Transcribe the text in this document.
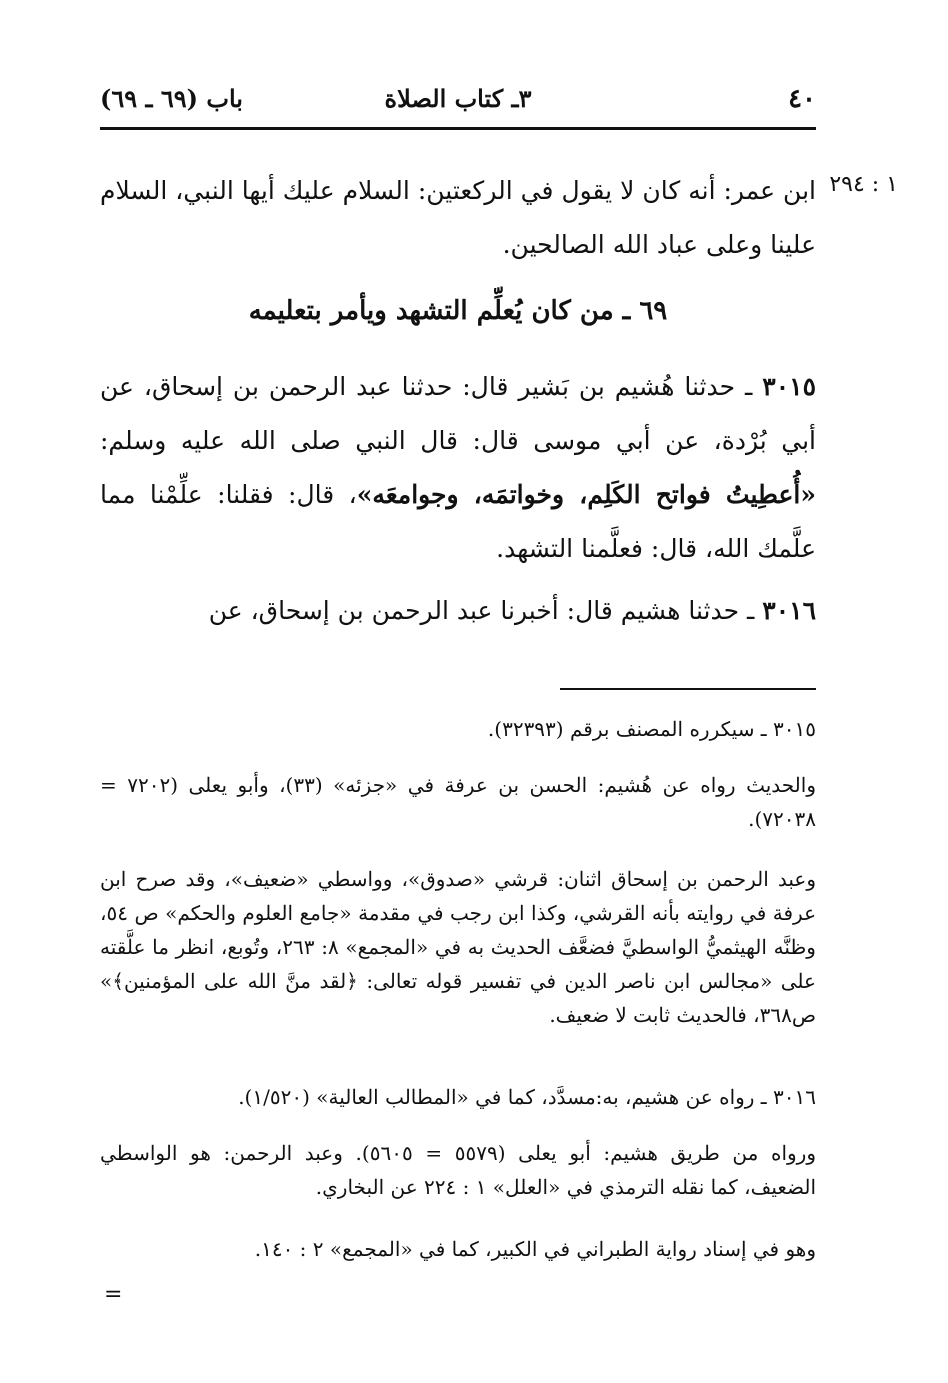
٤٠
٣ـ كتاب الصلاة
باب (٦٩ ـ ٦٩)
١ : ٢٩٤
ابن عمر: أنه كان لا يقول في الركعتين: السلام عليك أيها النبي، السلام علينا وعلى عباد الله الصالحين.
٦٩ ـ من كان يُعلِّم التشهد ويأمر بتعليمه
٣٠١٥ ـ حدثنا هُشيم بن بَشير قال: حدثنا عبد الرحمن بن إسحاق، عن أبي بُرْدة، عن أبي موسى قال: قال النبي صلى الله عليه وسلم: «أُعطِيتُ فواتح الكَلِم، وخواتمَه، وجوامعَه»، قال: فقلنا: علِّمْنا مما علَّمك الله، قال: فعلَّمنا التشهد.
٣٠١٦ ـ حدثنا هشيم قال: أخبرنا عبد الرحمن بن إسحاق، عن
٣٠١٥ ـ سيكرره المصنف برقم (٣٢٣٩٣).
والحديث رواه عن هُشيم: الحسن بن عرفة في «جزئه» (٣٣)، وأبو يعلى (٧٢٠٢ = ٧٢٠٣٨).
وعبد الرحمن بن إسحاق اثنان: قرشي «صدوق»، وواسطي «ضعيف»، وقد صرح ابن عرفة في روايته بأنه القرشي، وكذا ابن رجب في مقدمة «جامع العلوم والحكم» ص ٥٤، وظنَّه الهيثميُّ الواسطيَّ فضعَّف الحديث به في «المجمع» ٨: ٢٦٣، وتُوبع، انظر ما علَّقته على «مجالس ابن ناصر الدين في تفسير قوله تعالى: ﴿لقد منَّ الله على المؤمنين﴾» ص٣٦٨، فالحديث ثابت لا ضعيف.
٣٠١٦ ـ رواه عن هشيم، به:مسدَّد، كما في «المطالب العالية» (١/٥٢٠).
ورواه من طريق هشيم: أبو يعلى (٥٥٧٩ = ٥٦٠٥). وعبد الرحمن: هو الواسطي الضعيف، كما نقله الترمذي في «العلل» ١ : ٢٢٤ عن البخاري.
وهو في إسناد رواية الطبراني في الكبير، كما في «المجمع» ٢ : ١٤٠.
=
